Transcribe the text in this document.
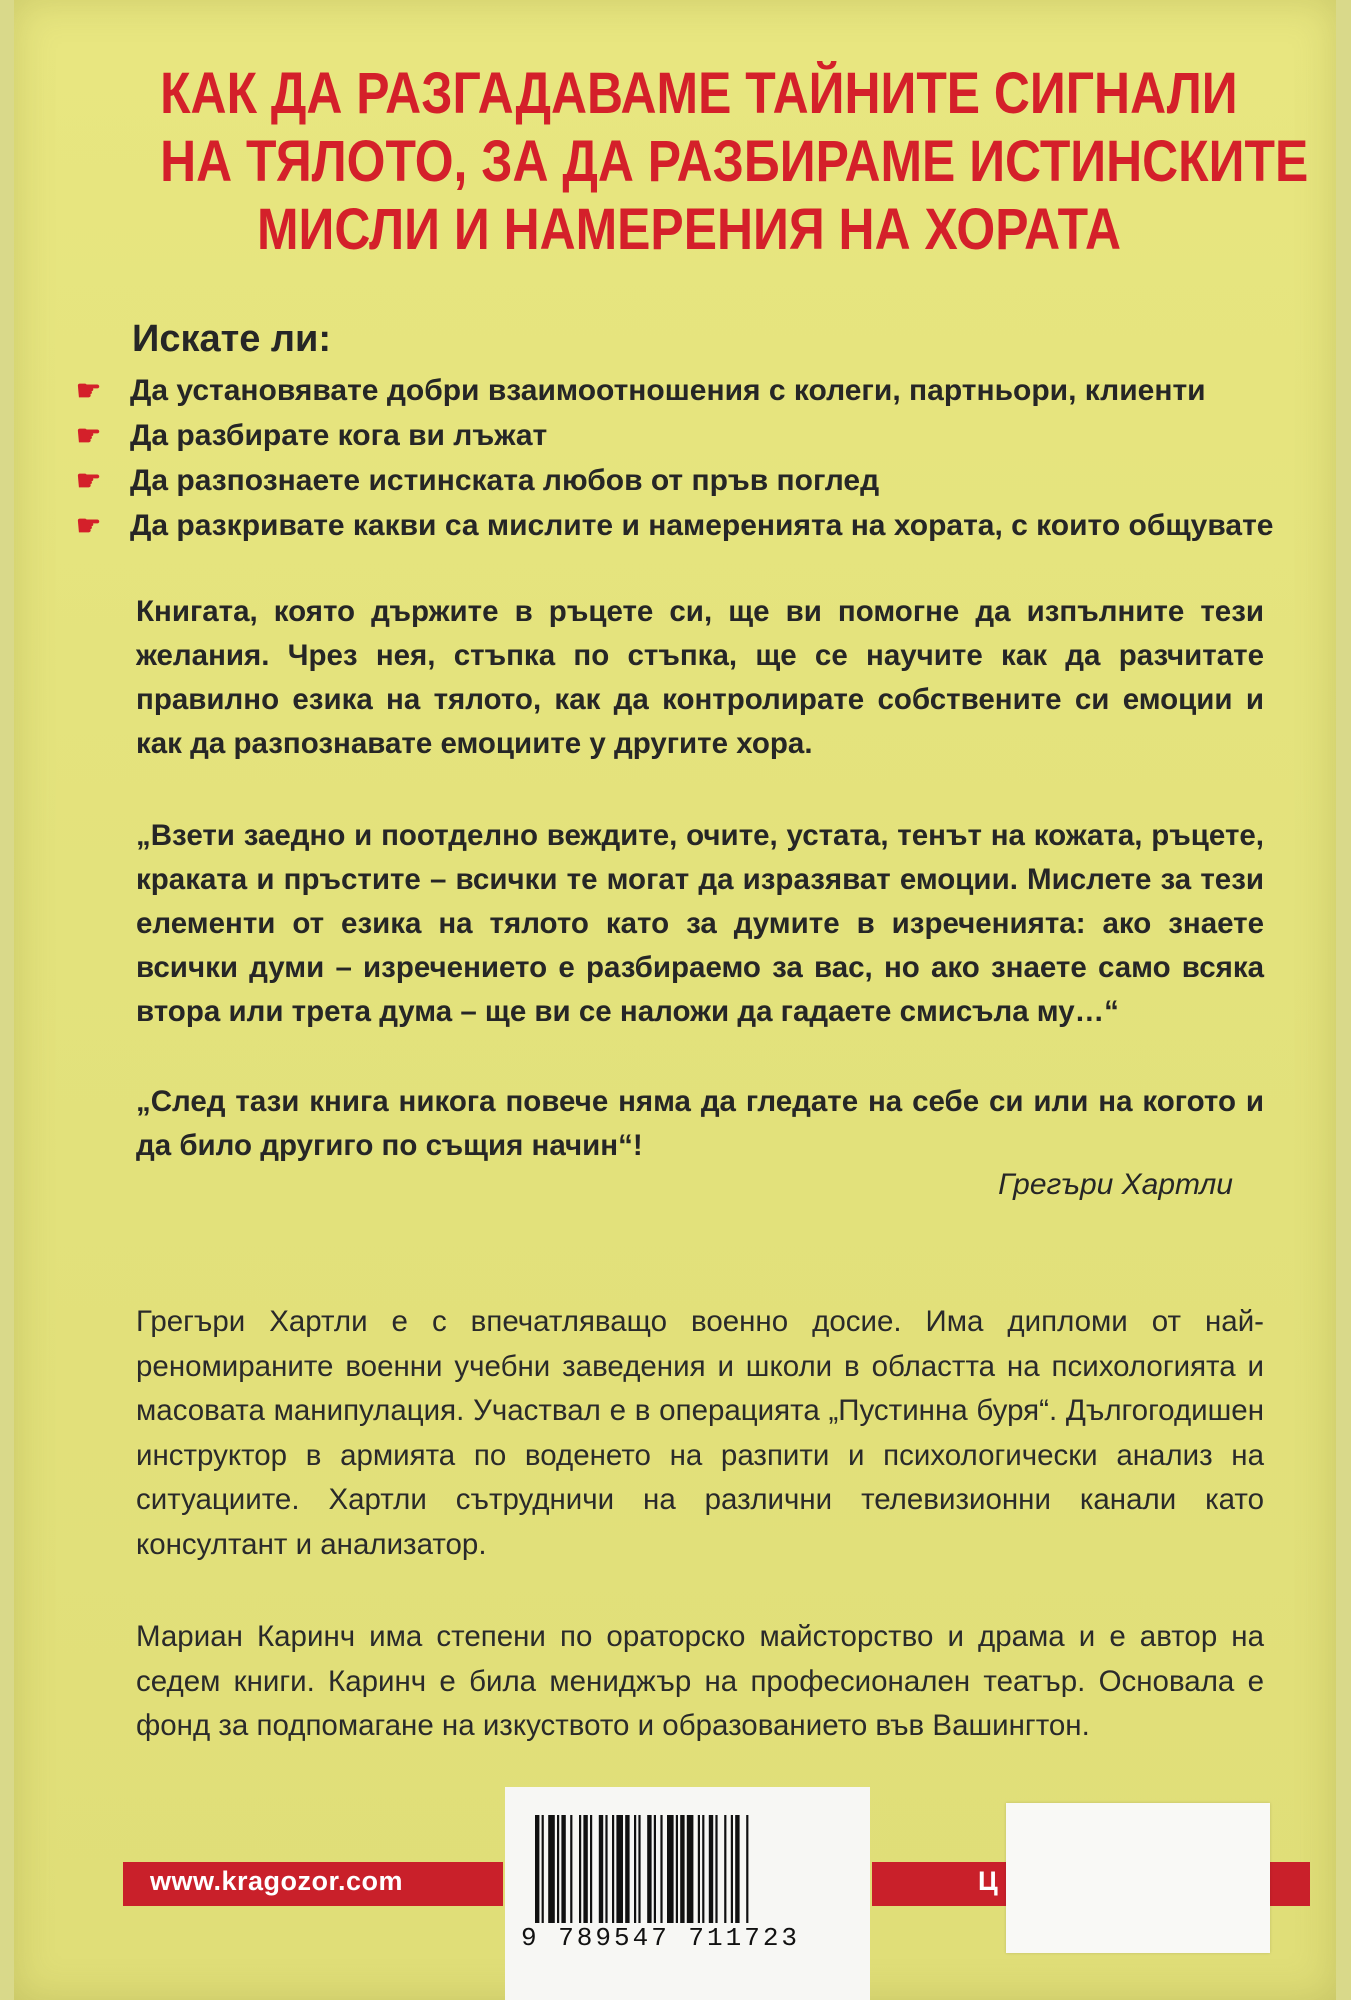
КАК ДА РАЗГАДАВАМЕ ТАЙНИТЕ СИГНАЛИ
НА ТЯЛОТО, ЗА ДА РАЗБИРАМЕ ИСТИНСКИТЕ
МИСЛИ И НАМЕРЕНИЯ НА ХОРАТА
Искате ли:
☛ Да установявате добри взаимоотношения с колеги, партньори, клиенти
☛ Да разбирате кога ви лъжат
☛ Да разпознаете истинската любов от пръв поглед
☛ Да разкривате какви са мислите и намеренията на хората, с които общувате
Книгата, която държите в ръцете си, ще ви помогне да изпълните тези желания. Чрез нея, стъпка по стъпка, ще се научите как да разчитате правилно езика на тялото, как да контролирате собствените си емоции и как да разпознавате емоциите у другите хора.
„Взети заедно и поотделно веждите, очите, устата, тенът на кожата, ръцете, краката и пръстите – всички те могат да изразяват емоции. Мислете за тези елементи от езика на тялото като за думите в изреченията: ако знаете всички думи – изречението е разбираемо за вас, но ако знаете само всяка втора или трета дума – ще ви се наложи да гадаете смисъла му…“
„След тази книга никога повече няма да гледате на себе си или на когото и да било другиго по същия начин“!
Грегъри Хартли
Грегъри Хартли е с впечатляващо военно досие. Има дипломи от най-реномираните военни учебни заведения и школи в областта на психологията и масовата манипулация. Участвал е в операцията „Пустинна буря“. Дългогодишен инструктор в армията по воденето на разпити и психологически анализ на ситуациите. Хартли сътрудничи на различни телевизионни канали като консултант и анализатор.
Мариан Каринч има степени по ораторско майсторство и драма и е автор на седем книги. Каринч е била мениджър на професионален театър. Основала е фонд за подпомагане на изкуството и образованието във Вашингтон.
www.kragozor.com	Ц
9 789547 711723
